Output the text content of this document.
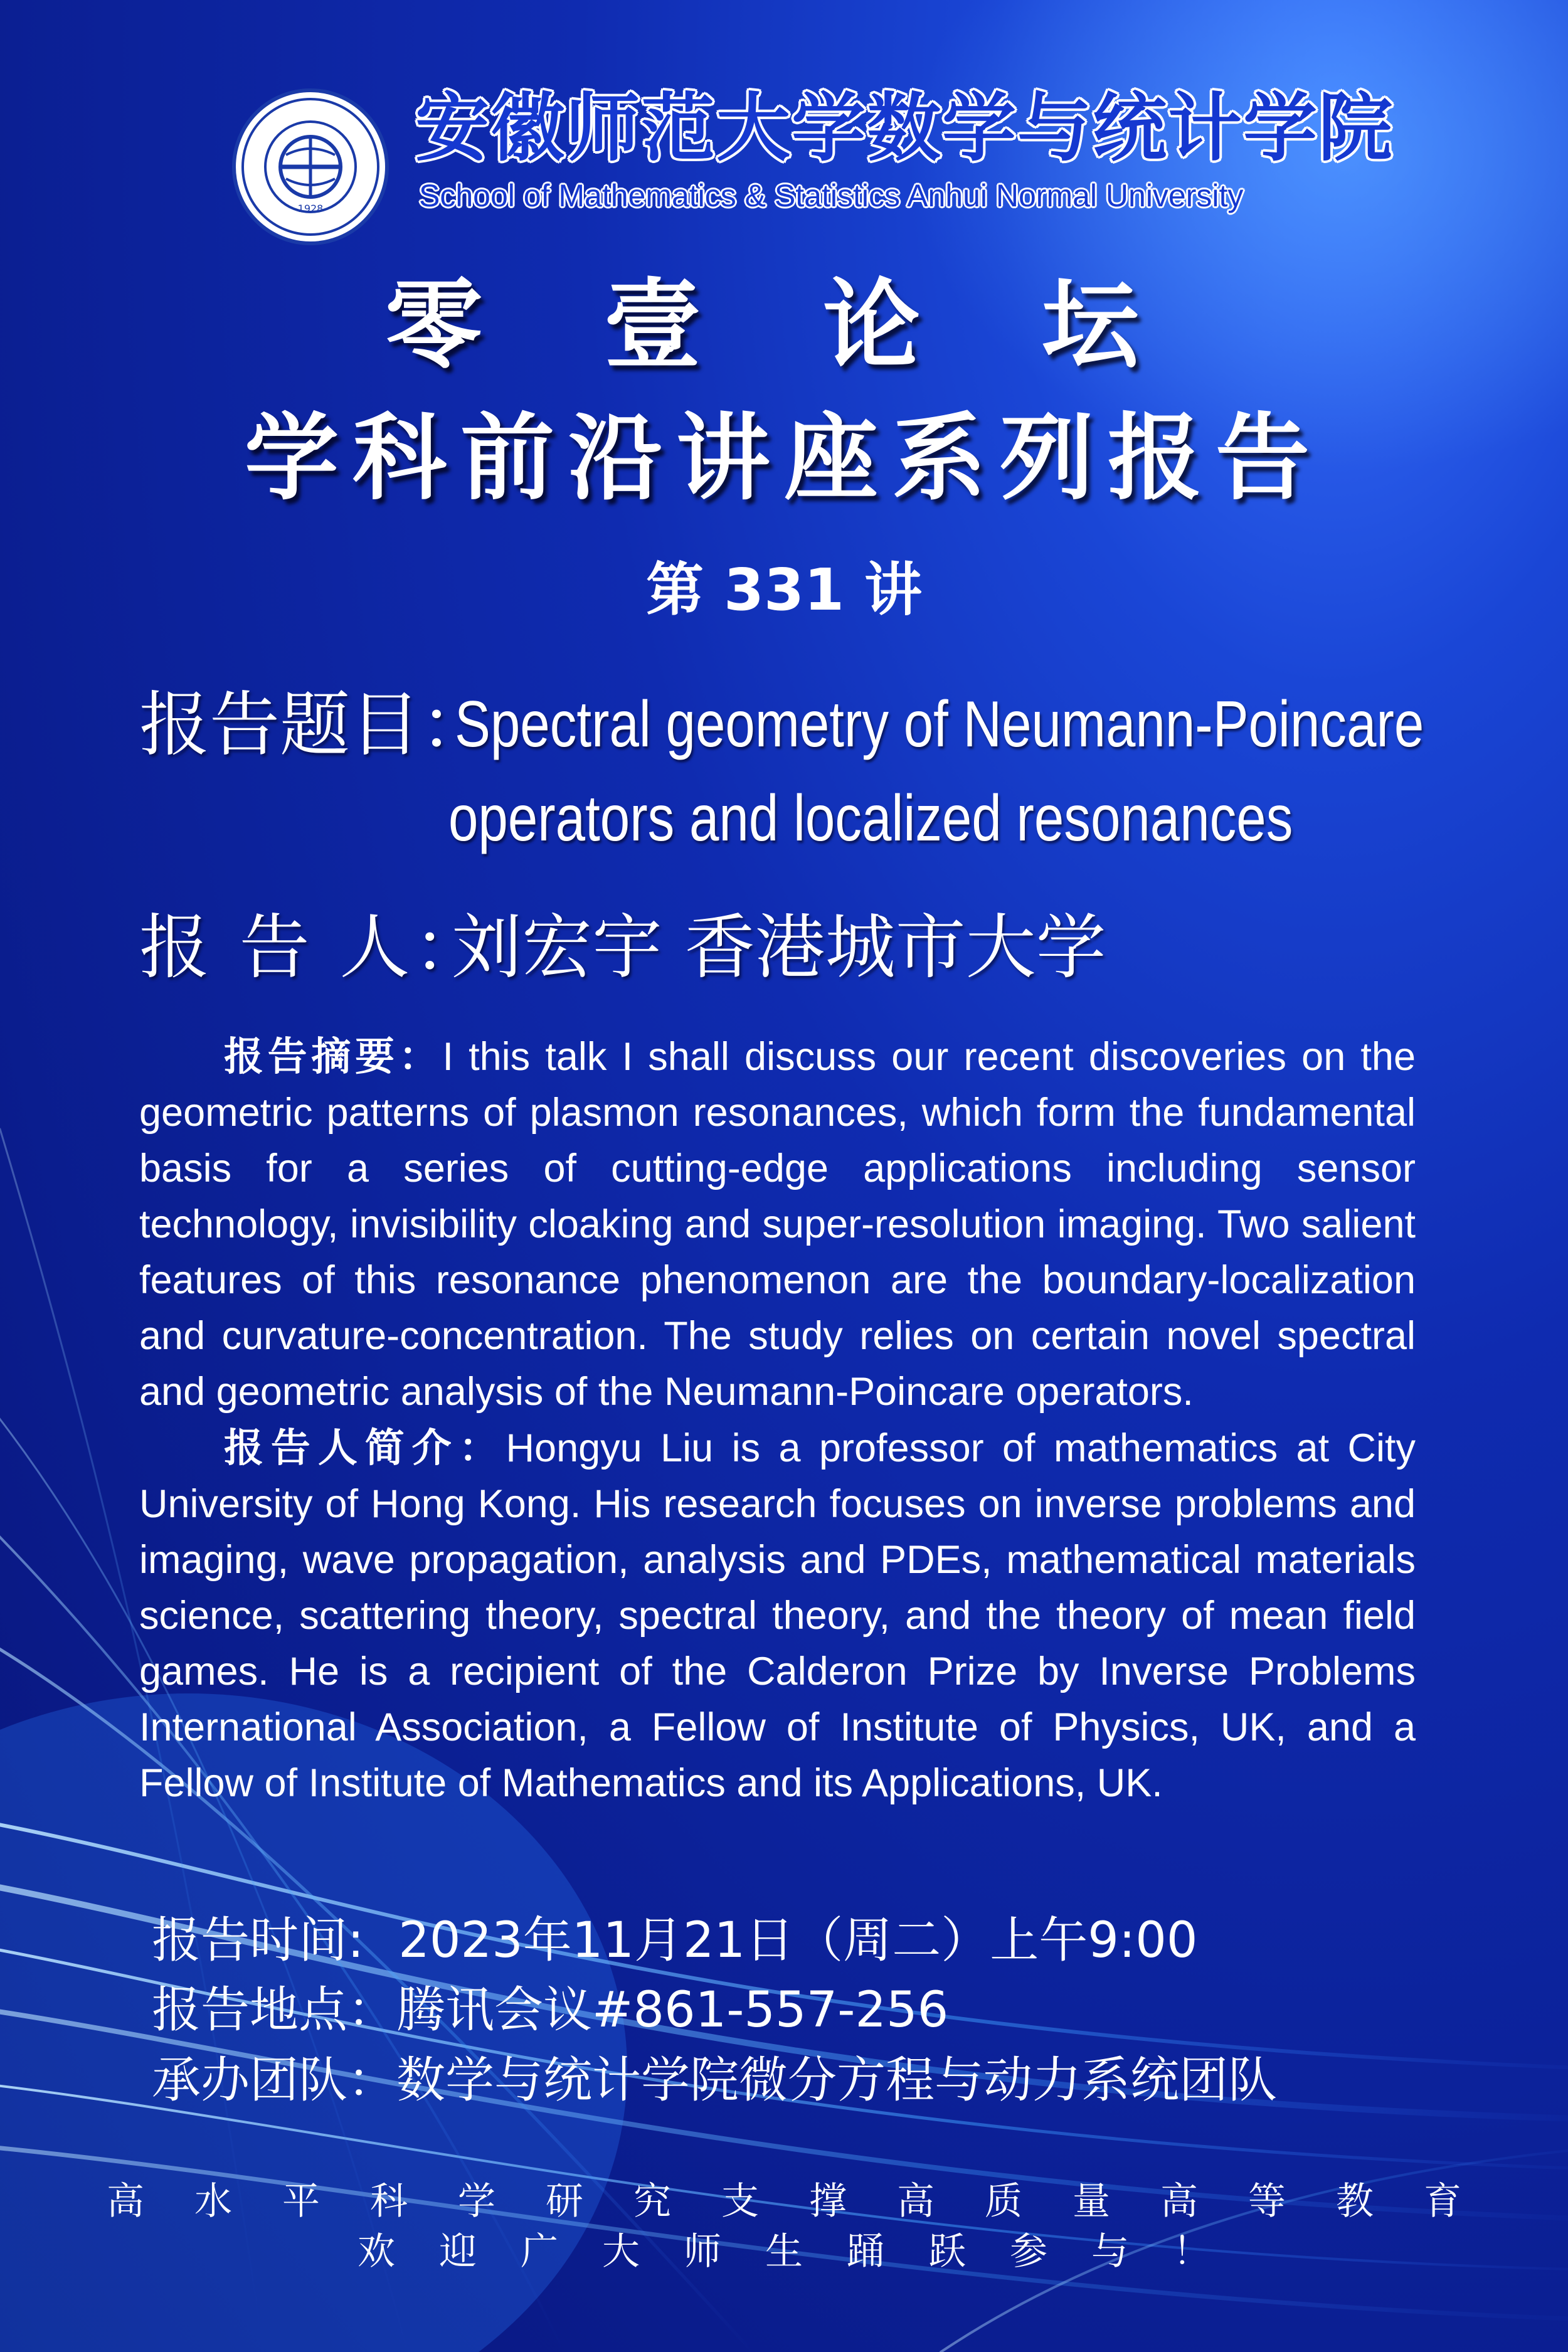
1928
安徽师范大学数学与统计学院
School of Mathematics & Statistics Anhui Normal University
零 壹 论 坛
学科前沿讲座系列报告
第 331 讲
报告题目：
Spectral geometry of Neumann-Poincare
operators and localized resonances
报 告 人：
刘宏宇 香港城市大学

报告摘要：I this talk I shall discuss our recent discoveries on the geometric patterns of plasmon resonances, which form the fundamental basis for a series of cutting-edge applications including sensor technology, invisibility cloaking and super-resolution imaging. Two salient features of this resonance phenomenon are the boundary-localization and curvature-concentration. The study relies on certain novel spectral and geometric analysis of the Neumann-Poincare operators.

报告人简介：Hongyu Liu is a professor of mathematics at City University of Hong Kong. His research focuses on inverse problems and imaging, wave propagation, analysis and PDEs, mathematical materials science, scattering theory, spectral theory, and the theory of mean field games. He is a recipient of the Calderon Prize by Inverse Problems International Association, a Fellow of Institute of Physics, UK, and a Fellow of Institute of Mathematics and its Applications, UK.

报告时间: 2023年11月21日（周二）上午9:00
报告地点：腾讯会议#861-557-256
承办团队：数学与统计学院微分方程与动力系统团队
高水平科学研究支撑高质量高等教育
欢迎广大师生踊跃参与！
